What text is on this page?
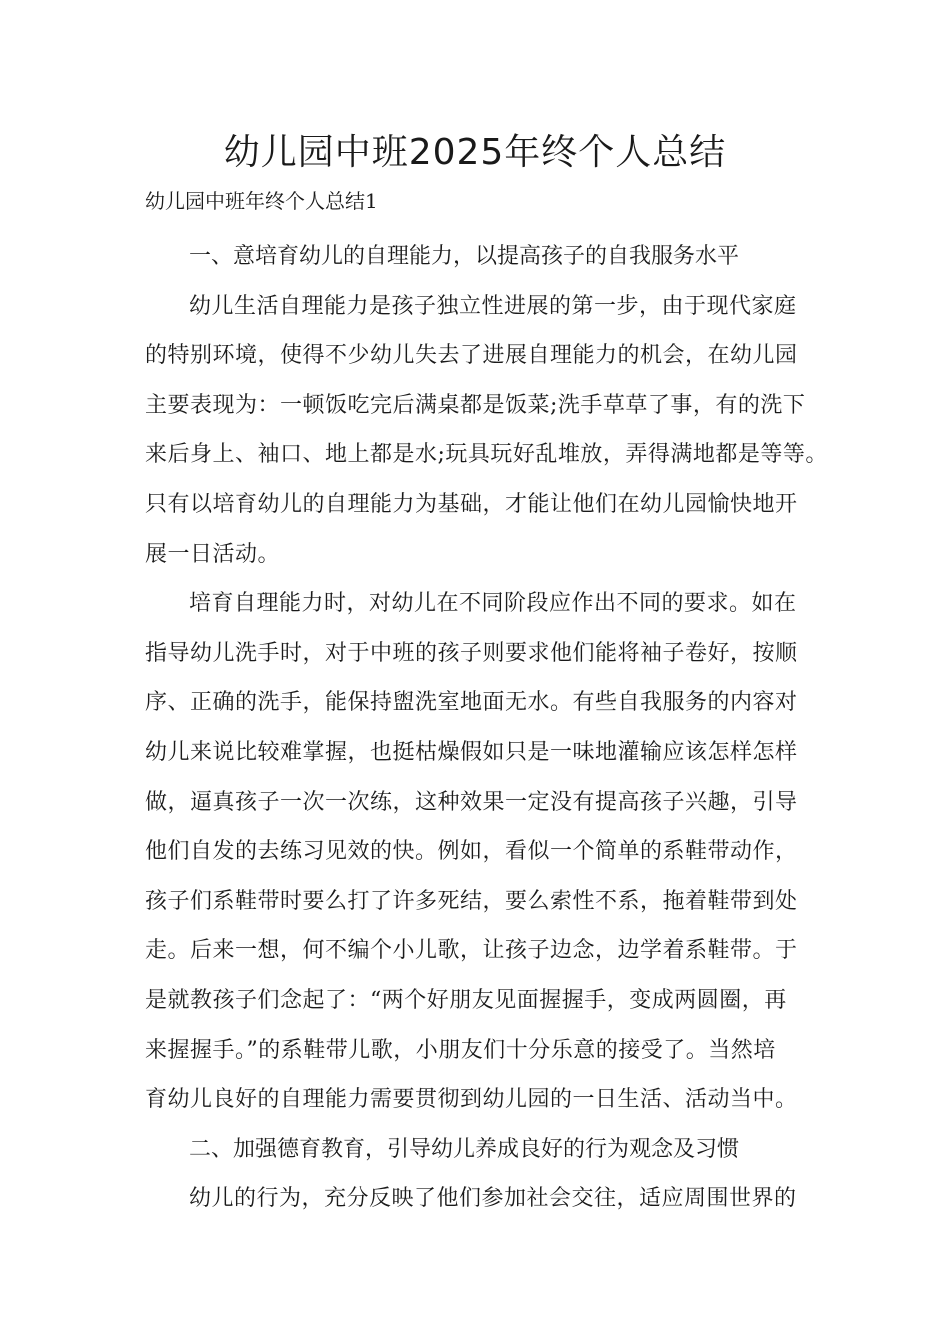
幼儿园中班2025年终个人总结

幼儿园中班年终个人总结1

一、意培育幼儿的自理能力，以提高孩子的自我服务水平

幼儿生活自理能力是孩子独立性进展的第一步，由于现代家庭
的特别环境，使得不少幼儿失去了进展自理能力的机会，在幼儿园
主要表现为：一顿饭吃完后满桌都是饭菜;洗手草草了事，有的洗下
来后身上、袖口、地上都是水;玩具玩好乱堆放，弄得满地都是等等。
只有以培育幼儿的自理能力为基础，才能让他们在幼儿园愉快地开
展一日活动。

培育自理能力时，对幼儿在不同阶段应作出不同的要求。如在
指导幼儿洗手时，对于中班的孩子则要求他们能将袖子卷好，按顺
序、正确的洗手，能保持盥洗室地面无水。有些自我服务的内容对
幼儿来说比较难掌握，也挺枯燥假如只是一味地灌输应该怎样怎样
做，逼真孩子一次一次练，这种效果一定没有提高孩子兴趣，引导
他们自发的去练习见效的快。例如，看似一个简单的系鞋带动作，
孩子们系鞋带时要么打了许多死结，要么索性不系，拖着鞋带到处
走。后来一想，何不编个小儿歌，让孩子边念，边学着系鞋带。于
是就教孩子们念起了：“两个好朋友见面握握手，变成两圆圈，再
来握握手。”的系鞋带儿歌，小朋友们十分乐意的接受了。当然培
育幼儿良好的自理能力需要贯彻到幼儿园的一日生活、活动当中。

二、加强德育教育，引导幼儿养成良好的行为观念及习惯

幼儿的行为，充分反映了他们参加社会交往，适应周围世界的
